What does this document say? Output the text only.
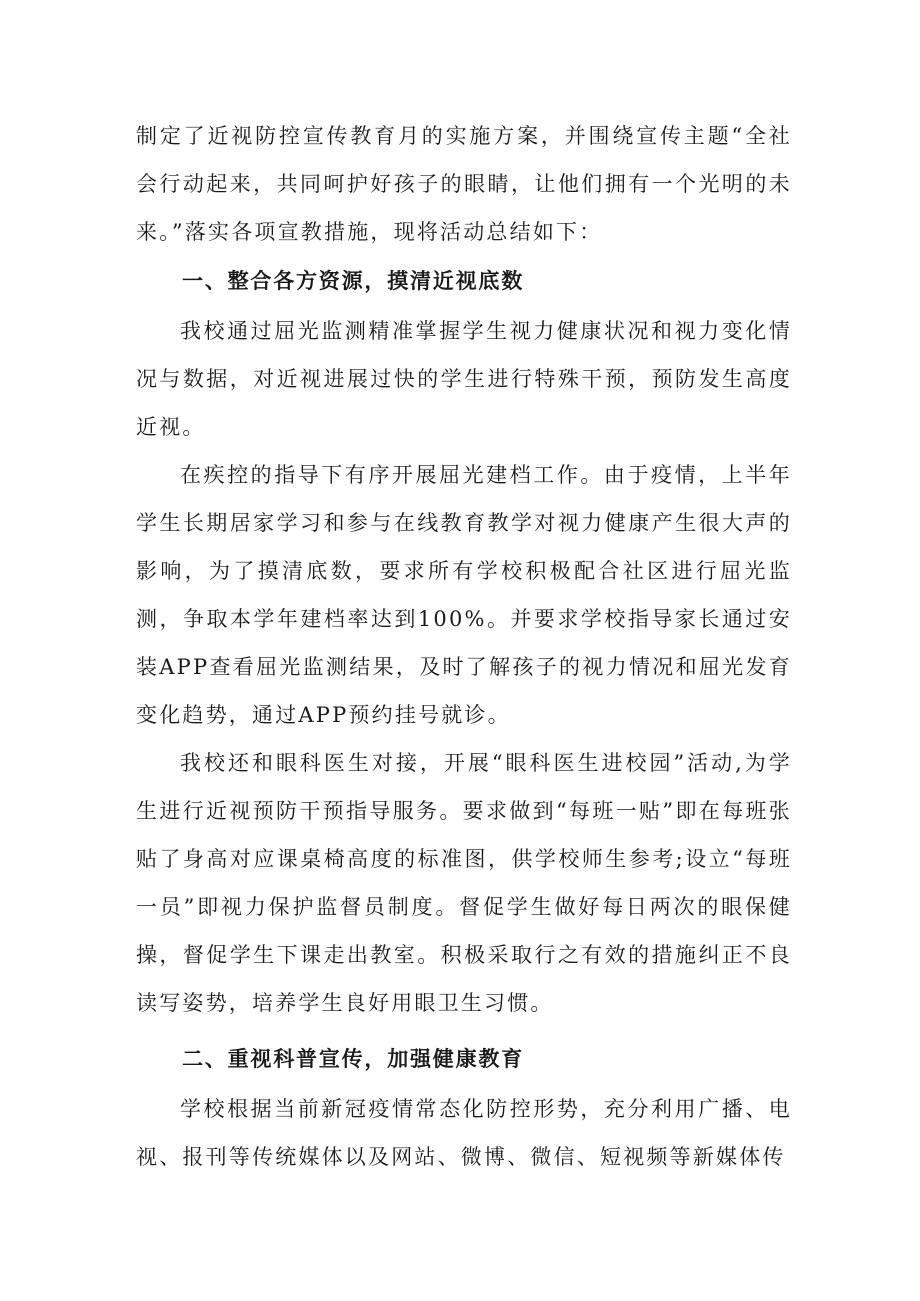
制定了近视防控宣传教育月的实施方案，并围绕宣传主题“全社会行动起来，共同呵护好孩子的眼睛，让他们拥有一个光明的未来。”落实各项宣教措施，现将活动总结如下：

一、整合各方资源，摸清近视底数

我校通过屈光监测精准掌握学生视力健康状况和视力变化情况与数据，对近视进展过快的学生进行特殊干预，预防发生高度近视。

在疾控的指导下有序开展屈光建档工作。由于疫情，上半年学生长期居家学习和参与在线教育教学对视力健康产生很大声的影响，为了摸清底数，要求所有学校积极配合社区进行屈光监测，争取本学年建档率达到100%。并要求学校指导家长通过安装APP查看屈光监测结果，及时了解孩子的视力情况和屈光发育变化趋势，通过APP预约挂号就诊。

我校还和眼科医生对接，开展“眼科医生进校园”活动,为学生进行近视预防干预指导服务。要求做到“每班一贴”即在每班张贴了身高对应课桌椅高度的标准图，供学校师生参考;设立“每班一员”即视力保护监督员制度。督促学生做好每日两次的眼保健操，督促学生下课走出教室。积极采取行之有效的措施纠正不良读写姿势，培养学生良好用眼卫生习惯。

二、重视科普宣传，加强健康教育

学校根据当前新冠疫情常态化防控形势，充分利用广播、电视、报刊等传统媒体以及网站、微博、微信、短视频等新媒体传
